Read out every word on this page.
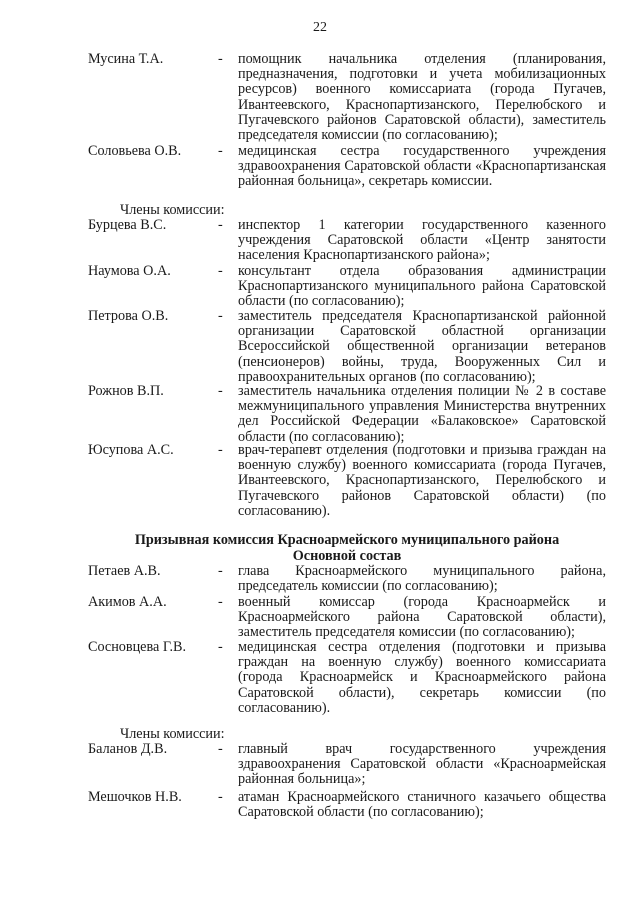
22
Мусина Т.А.	- помощник начальника отделения (планирования, предназначения, подготовки и учета мобилизационных ресурсов) военного комиссариата (города Пугачев, Ивантеевского, Краснопартизанского, Перелюбского и Пугачевского районов Саратовской области), заместитель председателя комиссии (по согласованию);
Соловьева О.В.	- медицинская сестра государственного учреждения здравоохранения Саратовской области «Краснопартизанская районная больница», секретарь комиссии.
Члены комиссии:
Бурцева В.С.	- инспектор 1 категории государственного казенного учреждения Саратовской области «Центр занятости населения Краснопартизанского района»;
Наумова О.А.	- консультант отдела образования администрации Краснопартизанского муниципального района Саратовской области (по согласованию);
Петрова О.В.	- заместитель председателя Краснопартизанской районной организации Саратовской областной организации Всероссийской общественной организации ветеранов (пенсионеров) войны, труда, Вооруженных Сил и правоохранительных органов (по согласованию);
Рожнов В.П.	- заместитель начальника отделения полиции № 2 в составе межмуниципального управления Министерства внутренних дел Российской Федерации «Балаковское» Саратовской области (по согласованию);
Юсупова А.С.	- врач-терапевт отделения (подготовки и призыва граждан на военную службу) военного комиссариата (города Пугачев, Ивантеевского, Краснопартизанского, Перелюбского и Пугачевского районов Саратовской области) (по согласованию).
Призывная комиссия Красноармейского муниципального района
Основной состав
Петаев А.В.	- глава Красноармейского муниципального района, председатель комиссии (по согласованию);
Акимов А.А.	- военный комиссар (города Красноармейск и Красноармейского района Саратовской области), заместитель председателя комиссии (по согласованию);
Сосновцева Г.В. - медицинская сестра отделения (подготовки и призыва граждан на военную службу) военного комиссариата (города Красноармейск и Красноармейского района Саратовской области), секретарь комиссии (по согласованию).
Члены комиссии:
Баланов Д.В.	- главный врач государственного учреждения здравоохранения Саратовской области «Красноармейская районная больница»;
Мешочков Н.В.	- атаман Красноармейского станичного казачьего общества Саратовской области (по согласованию);
